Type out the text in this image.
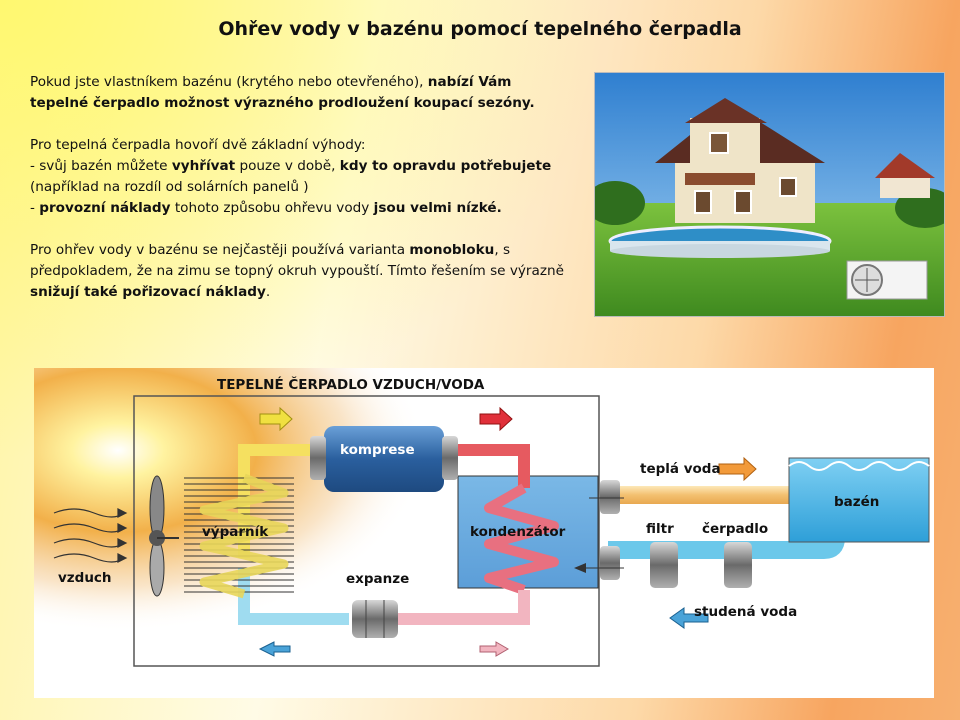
Ohřev vody v bazénu pomocí tepelného čerpadla

Pokud jste vlastníkem bazénu (krytého nebo otevřeného), nabízí Vám tepelné čerpadlo možnost výrazného prodloužení koupací sezóny.

Pro tepelná čerpadla hovoří dvě základní výhody:
- svůj bazén můžete vyhřívat pouze v době, kdy to opravdu potřebujete (například na rozdíl od solárních panelů )
- provozní náklady tohoto způsobu ohřevu vody jsou velmi nízké.

Pro ohřev vody v bazénu se nejčastěji používá varianta monobloku, s předpokladem, že na zimu se topný okruh vypouští. Tímto řešením se výrazně snižují také pořizovací náklady.

TEPELNÉ ČERPADLO VZDUCH/VODA
komprese
výparník	kondenzátor
expanze
vzduch
teplá voda
bazén
filtr čerpadlo
studená voda
